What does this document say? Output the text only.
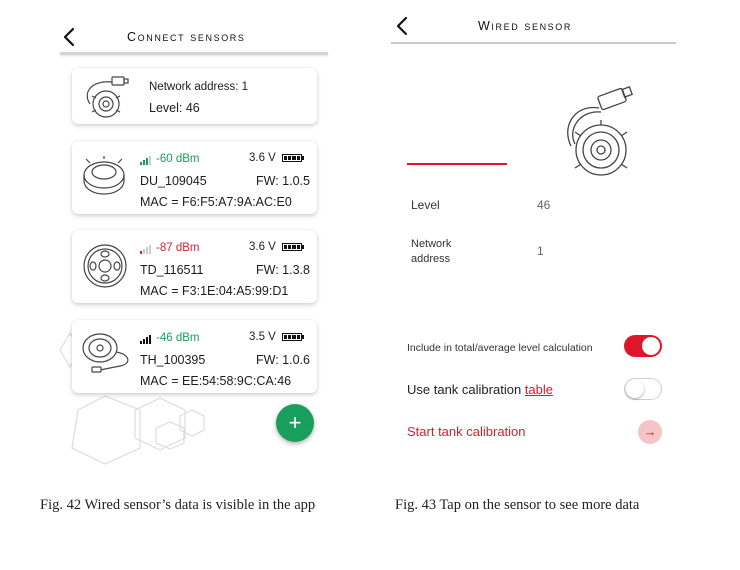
Connect sensors
Network address: 1
Level: 46
-60 dBm	3.6 V
DU_109045	FW: 1.0.5
MAC = F6:F5:A7:9A:AC:E0
-87 dBm	3.6 V
TD_116511	FW: 1.3.8
MAC = F3:1E:04:A5:99:D1
-46 dBm	3.5 V
TH_100395	FW: 1.0.6
MAC = EE:54:58:9C:CA:46
+
Fig. 42 Wired sensor’s data is visible in the app
Wired sensor
Level	46
Network
address
1
Include in total/average level calculation
Use tank calibration table
Start tank calibration	→
Fig. 43 Tap on the sensor to see more data
